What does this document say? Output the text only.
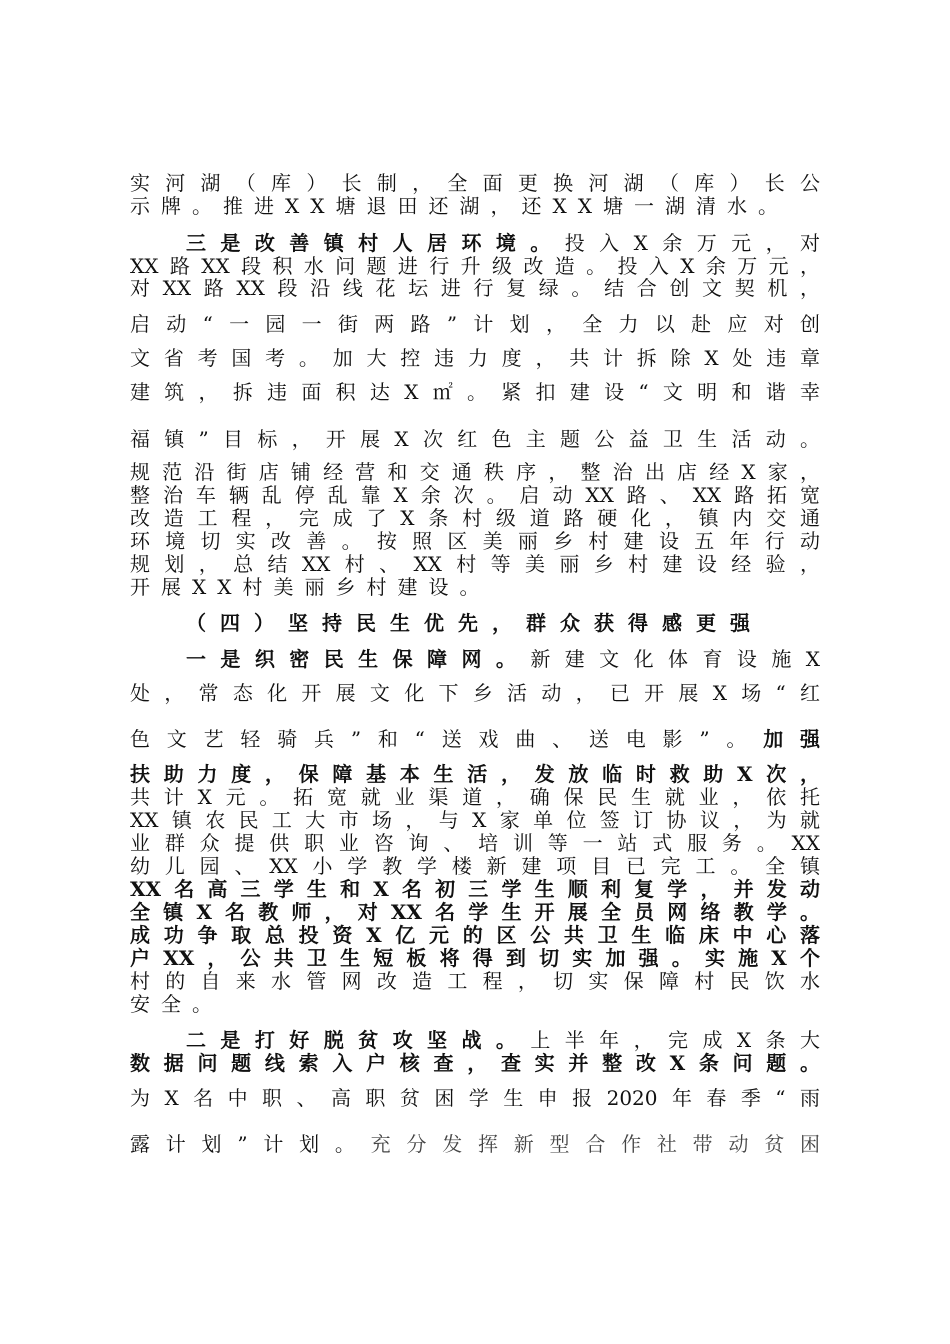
实河湖（库）长制，全面更换河湖（库）长公
示牌。推进XX塘退田还湖，还XX塘一湖清水。
三是改善镇村人居环境。投入X余万元，对
XX路XX段积水问题进行升级改造。投入X余万元，
对XX路XX段沿线花坛进行复绿。结合创文契机，
启动“一园一街两路”计划，全力以赴应对创
文省考国考。加大控违力度，共计拆除X处违章
建筑，拆违面积达X㎡。紧扣建设“文明和谐幸
福镇”目标，开展X次红色主题公益卫生活动。
规范沿街店铺经营和交通秩序，整治出店经X家，
整治车辆乱停乱靠X余次。启动XX路、XX路拓宽
改造工程，完成了X条村级道路硬化，镇内交通
环境切实改善。按照区美丽乡村建设五年行动
规划，总结XX村、XX村等美丽乡村建设经验，
开展XX村美丽乡村建设。
（四）坚持民生优先，群众获得感更强
一是织密民生保障网。新建文化体育设施X
处，常态化开展文化下乡活动，已开展X场“红
色文艺轻骑兵”和“送戏曲、送电影”。加强
扶助力度，保障基本生活，发放临时救助X次，
共计X元。拓宽就业渠道，确保民生就业，依托
XX镇农民工大市场，与X家单位签订协议，为就
业群众提供职业咨询、培训等一站式服务。XX
幼儿园、XX小学教学楼新建项目已完工。全镇
XX名高三学生和X名初三学生顺利复学，并发动
全镇X名教师，对XX名学生开展全员网络教学。
成功争取总投资X亿元的区公共卫生临床中心落
户XX，公共卫生短板将得到切实加强。实施X个
村的自来水管网改造工程，切实保障村民饮水
安全。
二是打好脱贫攻坚战。上半年，完成X条大
数据问题线索入户核查，查实并整改X条问题。
为X名中职、高职贫困学生申报2020年春季“雨
露计划”计划。充分发挥新型合作社带动贫困
